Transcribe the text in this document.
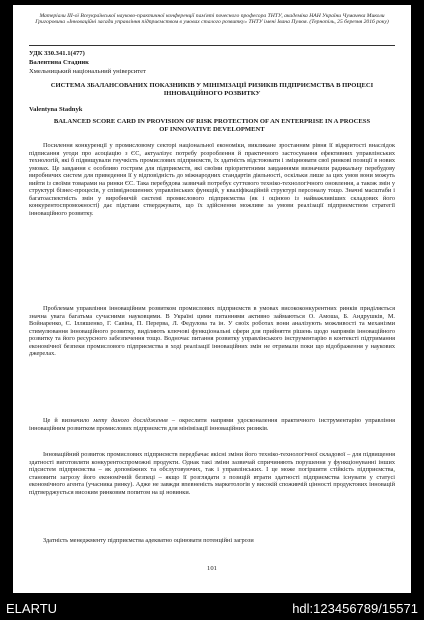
Матеріали ІІІ-ої Всеукраїнської науково-практичної конференції пам'яті почесного професора ТНТУ, академіка НАН України Чумачека Миколи Григоровича «Інноваційні засади управління підприємством в умовах сталого розвитку» ТНТУ імені Івана Пулюя. (Тернопіль, 25 березня 2016 року)
УДК 330.341.1(477)
Валентина Стадник
Хмельницький національний університет
СИСТЕМА ЗБАЛАНСОВАНИХ ПОКАЗНИКІВ У МІНІМІЗАЦІЇ РИЗИКІВ ПІДПРИЄМСТВА В ПРОЦЕСІ ІННОВАЦІЙНОГО РОЗВИТКУ
Valentyna Stadnyk
BALANCED SCORE CARD IN PROVISION OF RISK PROTECTION OF AN ENTERPRISE IN A PROCESS OF INNOVATIVE DEVELOPMENT
Посилення конкуренції у промисловому секторі національної економіки, викликане зростанням рівня її відкритості внаслідок підписання угоди про асоціацію з ЄС, актуалізує потребу розроблення й практичного застосування ефективних управлінських технологій, які б підвищували гнучкість промислових підприємств, їх здатність відстоювати і зміцнювати свої ринкові позиції в нових умовах. Це завдання є особливо гострим для підприємств, які своїми пріоритетними завданнями визначили радикальну перебудову виробничих систем для приведення її у відповідність до міжнародних стандартів діяльності, оскільки лише за цих умов вони можуть вийти із своїми товарами на ринки ЄС. Така перебудова зазвичай потребує суттєвого техніко-технологічного оновлення, а також змін у структурі бізнес-процесів, у співвідношеннях управлінських функцій, у кваліфікаційній структурі персоналу тощо. Значні масштаби і багатоаспектність змін у виробничій системі промислового підприємства (як і оцінюю із найважливіших складових його конкурентоспроможності) дає підстави стверджувати, що їх здійснення можливе за умови реалізації підприємством стратегії інноваційного розвитку.
Проблемам управління інноваційним розвитком промислових підприємств в умовах висококонкурентних ринків приділяється значна увага багатьма сучасними науковцями. В Україні цими питаннями активно займаються О. Амоша, Б. Андрушків, М. Войнаренко, С. Ілляшенко, Г. Савіна, П. Перерва, Л. Федулова та ін. У своїх роботах вони аналізують можливості та механізми стимулювання інноваційного розвитку, виділяють ключові функціональні сфери для прийняття рішень щодо напрямів інноваційного розвитку та його ресурсного забезпечення тощо. Водночас питання розвитку управлінського інструментарію в контексті підтримання економічної безпеки промислового підприємства в ході реалізації інноваційних змін не отримали поки що відображення у наукових джерелах.
Це й визначило мету даного дослідження – окреслити напрями удосконалення практичного інструментарію управління інноваційним розвитком промислових підприємств для мінімізації інноваційних ризиків.
Інноваційний розвиток промислових підприємств передбачає якісні зміни його техніко-технологічної складової – для підвищення здатності виготовляти конкурентоспроможні продукти. Однак такі зміни зазвичай спричиняють порушення у функціонуванні інших підсистем підприємства – як допоміжних та обслуговуючих, так і управлінських. І це може погіршити стійкість підприємства, становити загрозу його економічній безпеці – якщо її розглядати з позицій втрати здатності підприємства існувати у статусі економічного агента (учасника ринку). Адже не завжди впевненість маркетологів у високій споживчій цінності продуктових інновацій підтверджується високим ринковим попитом на ці новинки.
Здатність менеджменту підприємства адекватно оцінювати потенційні загрози
101
ELARTU	hdl:123456789/15571
